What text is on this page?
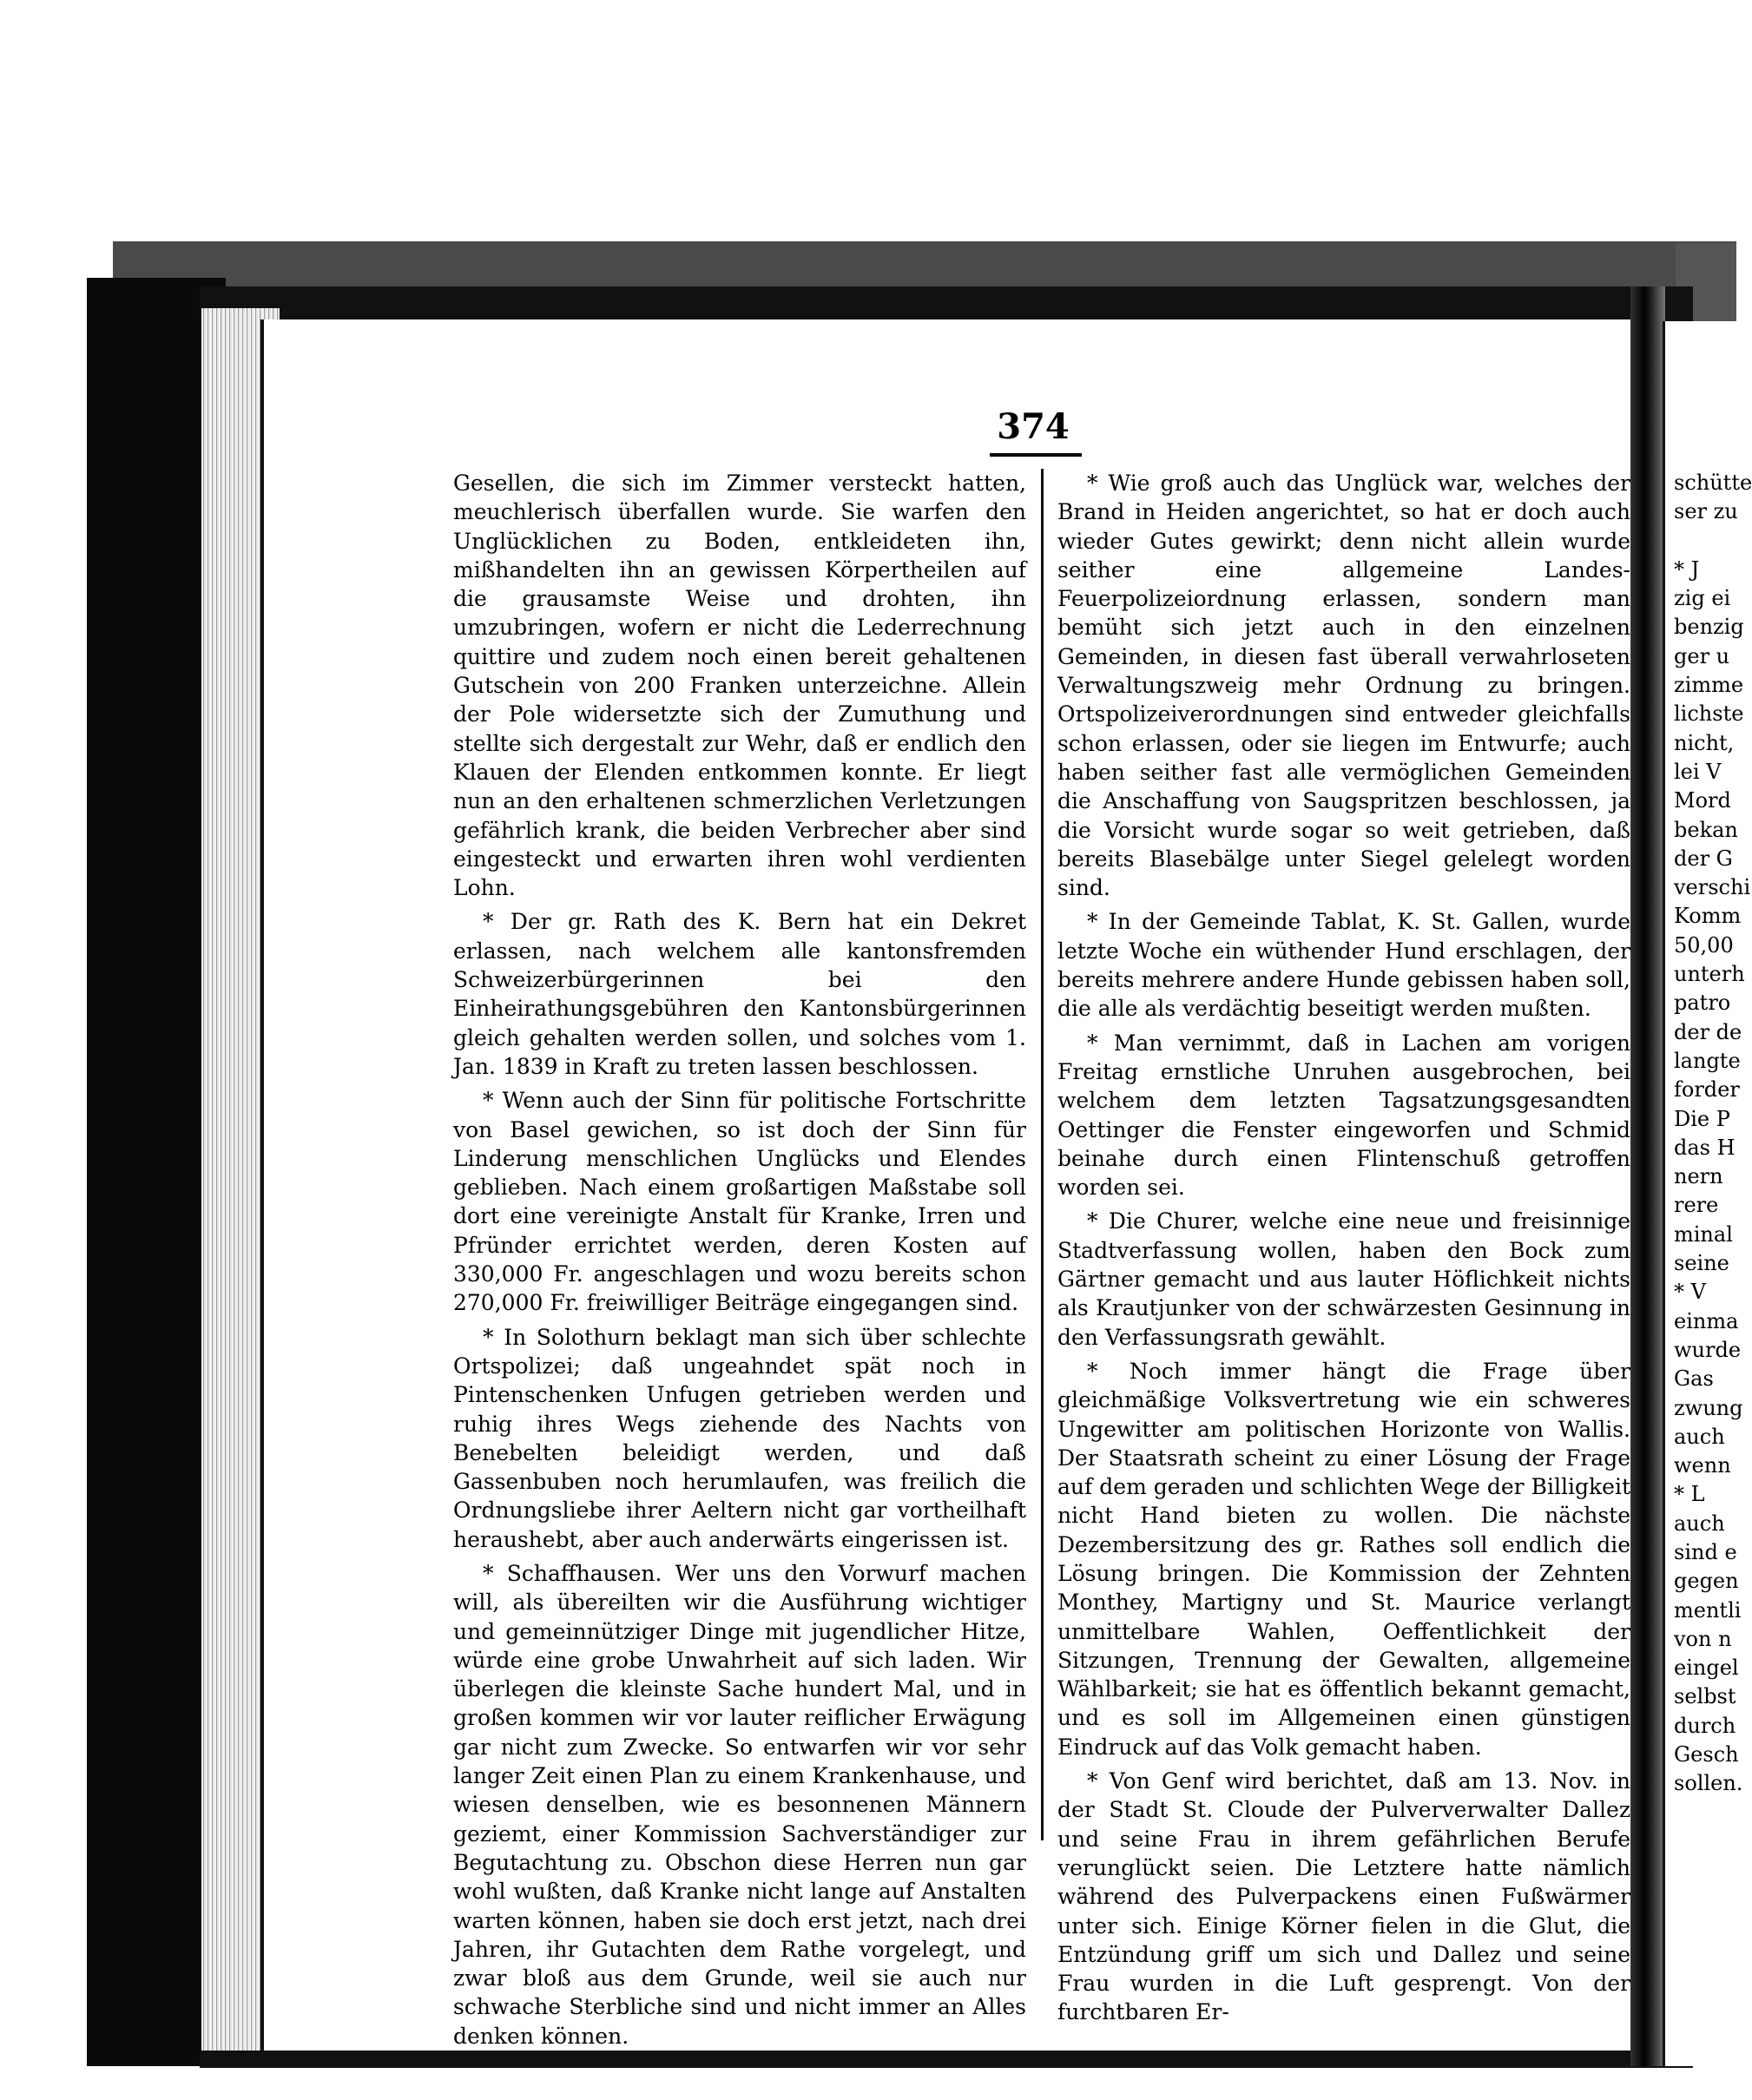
374

Gesellen, die sich im Zimmer versteckt hatten, meuchlerisch überfallen wurde. Sie warfen den Unglücklichen zu Boden, entkleideten ihn, mißhandelten ihn an gewissen Körpertheilen auf die grausamste Weise und drohten, ihn umzubringen, wofern er nicht die Lederrechnung quittire und zudem noch einen bereit gehaltenen Gutschein von 200 Franken unterzeichne. Allein der Pole widersetzte sich der Zumuthung und stellte sich dergestalt zur Wehr, daß er endlich den Klauen der Elenden entkommen konnte. Er liegt nun an den erhaltenen schmerzlichen Verletzungen gefährlich krank, die beiden Verbrecher aber sind eingesteckt und erwarten ihren wohl verdienten Lohn.

* Der gr. Rath des K. Bern hat ein Dekret erlassen, nach welchem alle kantonsfremden Schweizerbürgerinnen bei den Einheirathungsgebühren den Kantonsbürgerinnen gleich gehalten werden sollen, und solches vom 1. Jan. 1839 in Kraft zu treten lassen beschlossen.

* Wenn auch der Sinn für politische Fortschritte von Basel gewichen, so ist doch der Sinn für Linderung menschlichen Unglücks und Elendes geblieben. Nach einem großartigen Maßstabe soll dort eine vereinigte Anstalt für Kranke, Irren und Pfründer errichtet werden, deren Kosten auf 330,000 Fr. angeschlagen und wozu bereits schon 270,000 Fr. freiwilliger Beiträge eingegangen sind.

* In Solothurn beklagt man sich über schlechte Ortspolizei; daß ungeahndet spät noch in Pintenschenken Unfugen getrieben werden und ruhig ihres Wegs ziehende des Nachts von Benebelten beleidigt werden, und daß Gassenbuben noch herumlaufen, was freilich die Ordnungsliebe ihrer Aeltern nicht gar vortheilhaft heraushebt, aber auch anderwärts eingerissen ist.

* Schaffhausen. Wer uns den Vorwurf machen will, als übereilten wir die Ausführung wichtiger und gemeinnütziger Dinge mit jugendlicher Hitze, würde eine grobe Unwahrheit auf sich laden. Wir überlegen die kleinste Sache hundert Mal, und in großen kommen wir vor lauter reiflicher Erwägung gar nicht zum Zwecke. So entwarfen wir vor sehr langer Zeit einen Plan zu einem Krankenhause, und wiesen denselben, wie es besonnenen Männern geziemt, einer Kommission Sachverständiger zur Begutachtung zu. Obschon diese Herren nun gar wohl wußten, daß Kranke nicht lange auf Anstalten warten können, haben sie doch erst jetzt, nach drei Jahren, ihr Gutachten dem Rathe vorgelegt, und zwar bloß aus dem Grunde, weil sie auch nur schwache Sterbliche sind und nicht immer an Alles denken können.

* Wie groß auch das Unglück war, welches der Brand in Heiden angerichtet, so hat er doch auch wieder Gutes gewirkt; denn nicht allein wurde seither eine allgemeine Landes-Feuerpolizeiordnung erlassen, sondern man bemüht sich jetzt auch in den einzelnen Gemeinden, in diesen fast überall verwahrloseten Verwaltungszweig mehr Ordnung zu bringen. Ortspolizeiverordnungen sind entweder gleichfalls schon erlassen, oder sie liegen im Entwurfe; auch haben seither fast alle vermöglichen Gemeinden die Anschaffung von Saugspritzen beschlossen, ja die Vorsicht wurde sogar so weit getrieben, daß bereits Blasebälge unter Siegel gelelegt worden sind.

* In der Gemeinde Tablat, K. St. Gallen, wurde letzte Woche ein wüthender Hund erschlagen, der bereits mehrere andere Hunde gebissen haben soll, die alle als verdächtig beseitigt werden mußten.

* Man vernimmt, daß in Lachen am vorigen Freitag ernstliche Unruhen ausgebrochen, bei welchem dem letzten Tagsatzungsgesandten Oettinger die Fenster eingeworfen und Schmid beinahe durch einen Flintenschuß getroffen worden sei.

* Die Churer, welche eine neue und freisinnige Stadtverfassung wollen, haben den Bock zum Gärtner gemacht und aus lauter Höflichkeit nichts als Krautjunker von der schwärzesten Gesinnung in den Verfassungsrath gewählt.

* Noch immer hängt die Frage über gleichmäßige Volksvertretung wie ein schweres Ungewitter am politischen Horizonte von Wallis. Der Staatsrath scheint zu einer Lösung der Frage auf dem geraden und schlichten Wege der Billigkeit nicht Hand bieten zu wollen. Die nächste Dezembersitzung des gr. Rathes soll endlich die Lösung bringen. Die Kommission der Zehnten Monthey, Martigny und St. Maurice verlangt unmittelbare Wahlen, Oeffentlichkeit der Sitzungen, Trennung der Gewalten, allgemeine Wählbarkeit; sie hat es öffentlich bekannt gemacht, und es soll im Allgemeinen einen günstigen Eindruck auf das Volk gemacht haben.

* Von Genf wird berichtet, daß am 13. Nov. in der Stadt St. Cloude der Pulververwalter Dallez und seine Frau in ihrem gefährlichen Berufe verunglückt seien. Die Letztere hatte nämlich während des Pulverpackens einen Fußwärmer unter sich. Einige Körner fielen in die Glut, die Entzündung griff um sich und Dallez und seine Frau wurden in die Luft gesprengt. Von der furchtbaren Er-

schütte
ser zu
* J
zig ei
benzig
ger u
zimme
lichste
nicht,
lei V
Mord
bekan
der G
verschi
Komm
50,00
unterh
patro
der de
langte
forder
Die P
das H
nern
rere
minal
seine
* V
einma
wurde
Gas
zwung
auch
wenn
* L
auch
sind e
gegen
mentli
von n
eingel
selbst
durch
Gesch
sollen.
